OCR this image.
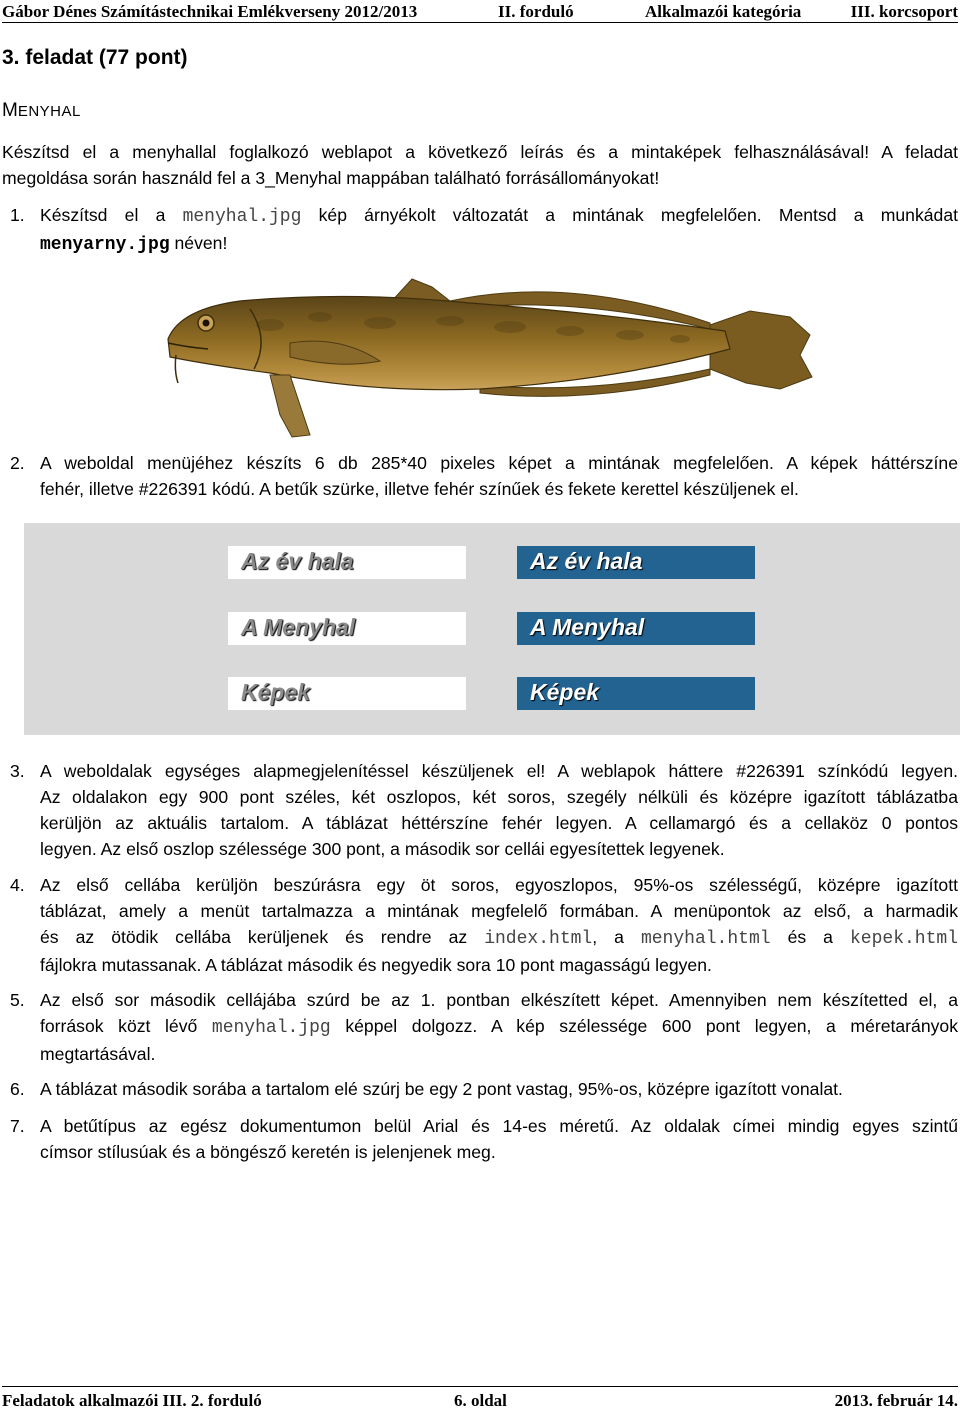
Gábor Dénes Számítástechnikai Emlékverseny 2012/2013	II. forduló	Alkalmazói kategória	III. korcsoport
3. feladat (77 pont)
MENYHAL
Készítsd el a menyhallal foglalkozó weblapot a következő leírás és a mintaképek felhasználásával! A feladat
megoldása során használd fel a 3_Menyhal mappában található forrásállományokat!
1. Készítsd el a menyhal.jpg kép árnyékolt változatát a mintának megfelelően. Mentsd a munkádat
menyarny.jpg néven!
2. A weboldal menüjéhez készíts 6 db 285*40 pixeles képet a mintának megfelelően. A képek háttérszíne
fehér, illetve #226391 kódú. A betűk szürke, illetve fehér színűek és fekete kerettel készüljenek el.
Az év hala	Az év hala
A Menyhal	A Menyhal
Képek	Képek
3. A weboldalak egységes alapmegjelenítéssel készüljenek el! A weblapok háttere #226391 színkódú legyen.
Az oldalakon egy 900 pont széles, két oszlopos, két soros, szegély nélküli és középre igazított táblázatba
kerüljön az aktuális tartalom. A táblázat héttérszíne fehér legyen. A cellamargó és a cellaköz 0 pontos
legyen. Az első oszlop szélessége 300 pont, a második sor cellái egyesítettek legyenek.
4. Az első cellába kerüljön beszúrásra egy öt soros, egyoszlopos, 95%-os szélességű, középre igazított
táblázat, amely a menüt tartalmazza a mintának megfelelő formában. A menüpontok az első, a harmadik
és az ötödik cellába kerüljenek és rendre az index.html, a menyhal.html és a kepek.html
fájlokra mutassanak. A táblázat második és negyedik sora 10 pont magasságú legyen.
5. Az első sor második cellájába szúrd be az 1. pontban elkészített képet. Amennyiben nem készítetted el, a
források közt lévő menyhal.jpg képpel dolgozz. A kép szélessége 600 pont legyen, a méretarányok
megtartásával.
6. A táblázat második sorába a tartalom elé szúrj be egy 2 pont vastag, 95%-os, középre igazított vonalat.
7. A betűtípus az egész dokumentumon belül Arial és 14-es méretű. Az oldalak címei mindig egyes szintű
címsor stílusúak és a böngésző keretén is jelenjenek meg.
Feladatok alkalmazói III. 2. forduló	6. oldal	2013. február 14.
